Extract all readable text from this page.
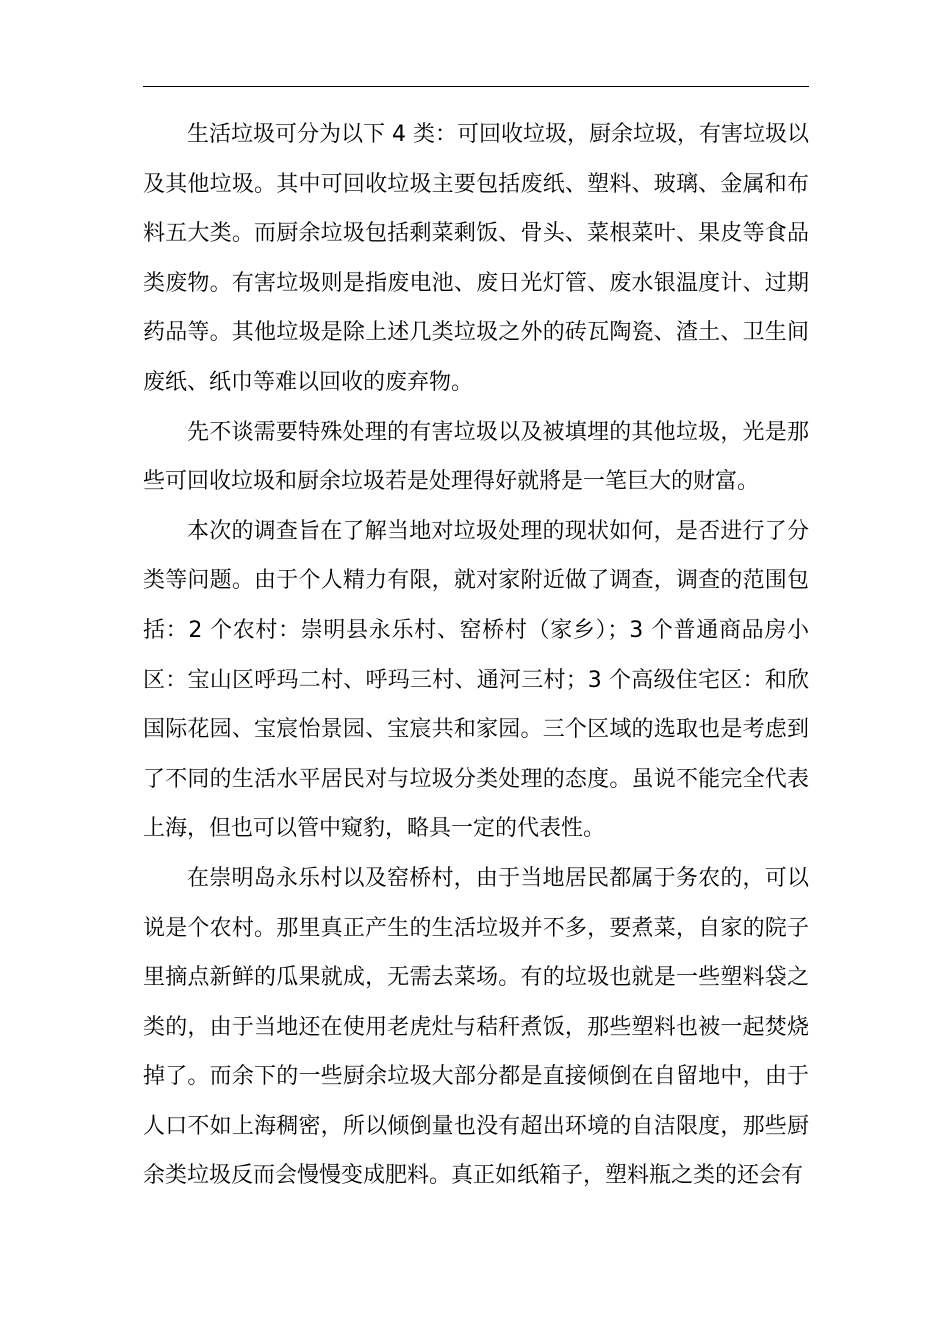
生活垃圾可分为以下 4 类：可回收垃圾，厨余垃圾，有害垃圾以及其他垃圾。其中可回收垃圾主要包括废纸、塑料、玻璃、金属和布料五大类。而厨余垃圾包括剩菜剩饭、骨头、菜根菜叶、果皮等食品类废物。有害垃圾则是指废电池、废日光灯管、废水银温度计、过期药品等。其他垃圾是除上述几类垃圾之外的砖瓦陶瓷、渣土、卫生间废纸、纸巾等难以回收的废弃物。

先不谈需要特殊处理的有害垃圾以及被填埋的其他垃圾，光是那些可回收垃圾和厨余垃圾若是处理得好就將是一笔巨大的财富。

本次的调查旨在了解当地对垃圾处理的现状如何，是否进行了分类等问题。由于个人精力有限，就对家附近做了调查，调查的范围包括：2 个农村：崇明县永乐村、窑桥村（家乡）；3 个普通商品房小区：宝山区呼玛二村、呼玛三村、通河三村；3 个高级住宅区：和欣国际花园、宝宸怡景园、宝宸共和家园。三个区域的选取也是考虑到了不同的生活水平居民对与垃圾分类处理的态度。虽说不能完全代表上海，但也可以管中窥豹，略具一定的代表性。

在崇明岛永乐村以及窑桥村，由于当地居民都属于务农的，可以说是个农村。那里真正产生的生活垃圾并不多，要煮菜，自家的院子里摘点新鲜的瓜果就成，无需去菜场。有的垃圾也就是一些塑料袋之类的，由于当地还在使用老虎灶与秸秆煮饭，那些塑料也被一起焚烧掉了。而余下的一些厨余垃圾大部分都是直接倾倒在自留地中，由于人口不如上海稠密，所以倾倒量也没有超出环境的自洁限度，那些厨余类垃圾反而会慢慢变成肥料。真正如纸箱子，塑料瓶之类的还会有
